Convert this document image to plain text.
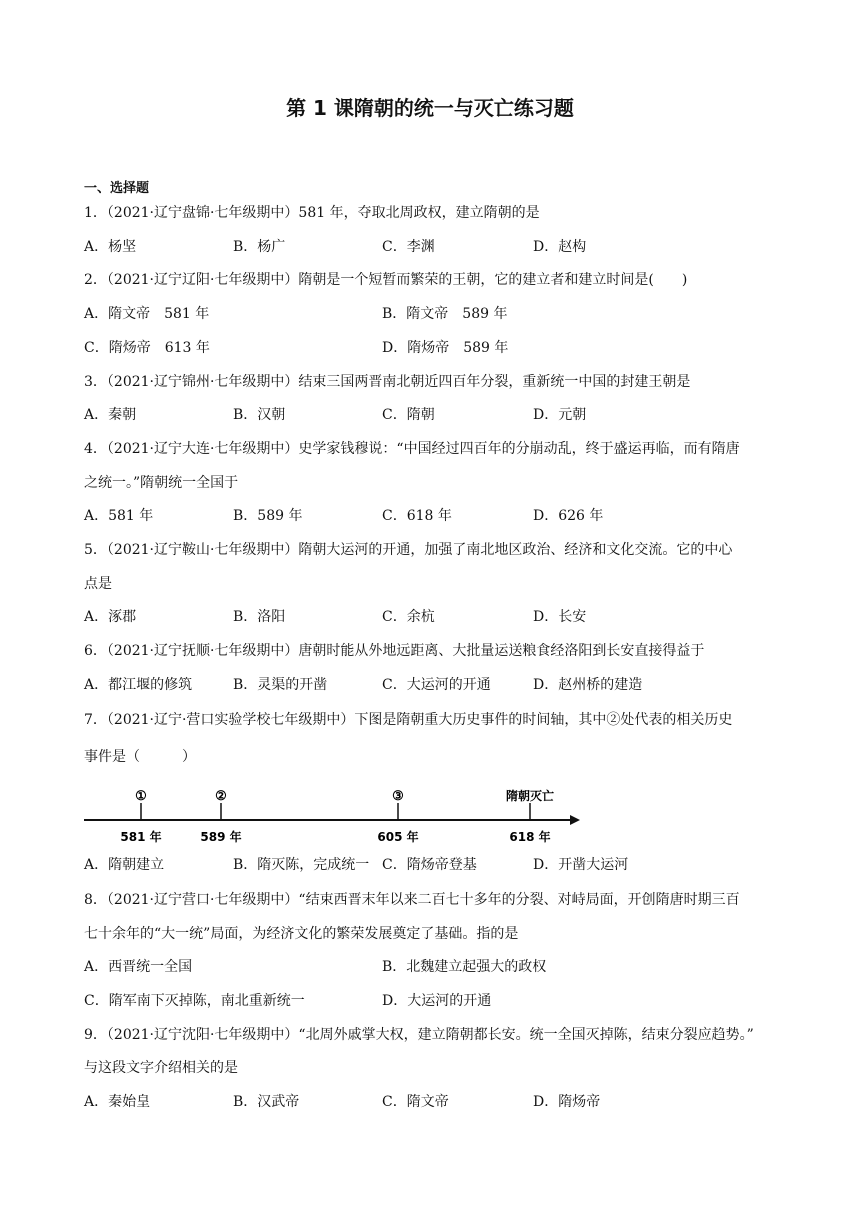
第 1 课隋朝的统一与灭亡练习题
一、选择题
1．（2021·辽宁盘锦·七年级期中）581 年，夺取北周政权，建立隋朝的是
A．杨坚	B．杨广	C．李渊	D．赵构
2．（2021·辽宁辽阳·七年级期中）隋朝是一个短暂而繁荣的王朝，它的建立者和建立时间是(　　)
A．隋文帝　581 年	B．隋文帝　589 年
C．隋炀帝　613 年	D．隋炀帝　589 年
3．（2021·辽宁锦州·七年级期中）结束三国两晋南北朝近四百年分裂，重新统一中国的封建王朝是
A．秦朝	B．汉朝	C．隋朝	D．元朝
4．（2021·辽宁大连·七年级期中）史学家钱穆说：“中国经过四百年的分崩动乱，终于盛运再临，而有隋唐
之统一。”隋朝统一全国于
A．581 年	B．589 年	C．618 年	D．626 年
5．（2021·辽宁鞍山·七年级期中）隋朝大运河的开通，加强了南北地区政治、经济和文化交流。它的中心
点是
A．涿郡	B．洛阳	C．余杭	D．长安
6．（2021·辽宁抚顺·七年级期中）唐朝时能从外地远距离、大批量运送粮食经洛阳到长安直接得益于
A．都江堰的修筑	B．灵渠的开凿	C．大运河的开通	D．赵州桥的建造
7．（2021·辽宁·营口实验学校七年级期中）下图是隋朝重大历史事件的时间轴，其中②处代表的相关历史
事件是（　　　）
①	②	③	隋朝灭亡
581 年	589 年	605 年	618 年
A．隋朝建立	B．隋灭陈，完成统一 C．隋炀帝登基	D．开凿大运河
8．（2021·辽宁营口·七年级期中）“结束西晋末年以来二百七十多年的分裂、对峙局面，开创隋唐时期三百
七十余年的“大一统”局面，为经济文化的繁荣发展奠定了基础。指的是
A．西晋统一全国	B．北魏建立起强大的政权
C．隋军南下灭掉陈，南北重新统一	D．大运河的开通
9．（2021·辽宁沈阳·七年级期中）“北周外戚掌大权，建立隋朝都长安。统一全国灭掉陈，结束分裂应趋势。”
与这段文字介绍相关的是
A．秦始皇	B．汉武帝	C．隋文帝	D．隋炀帝
